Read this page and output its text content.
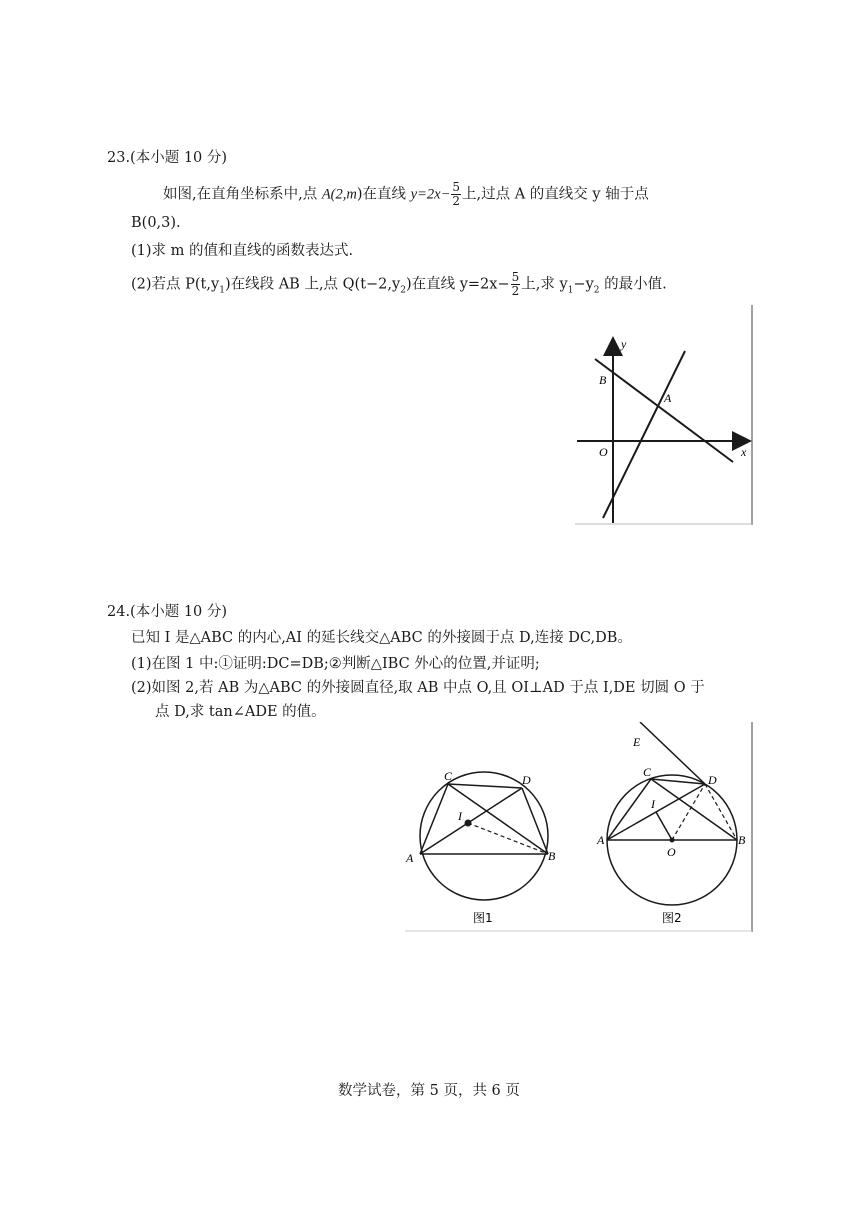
23.(本小题 10 分)
如图,在直角坐标系中,点 A(2,m)在直线 $y=2x- \frac{5}{2}$ 上,过点 A 的直线交 y 轴于点
B(0,3).
(1)求 m 的值和直线的函数表达式.
(2)若点 $P(t,y_1)$在线段 AB 上,点 $Q(t-2,y_2)$在直线 $y=2x- \frac{5}{2}$ 上,求 $y_1-y_2$ 的最小值.
y
x
O
B
A
24.(本小题 10 分)
已知 I 是△ABC 的内心,AI 的延长线交△ABC 的外接圆于点 D,连接 DC,DB。
(1)在图 1 中:①证明:DC=DB;②判断△IBC 外心的位置,并证明;
(2)如图 2,若 AB 为△ABC 的外接圆直径,取 AB 中点 O,且 OI⊥AD 于点 I,DE 切圆 O 于
点 D,求 tan∠ADE 的值。
A	B
C	D
I
图1
A	B
C
D
I
O
E
图2
数学试卷，第 5 页，共 6 页
